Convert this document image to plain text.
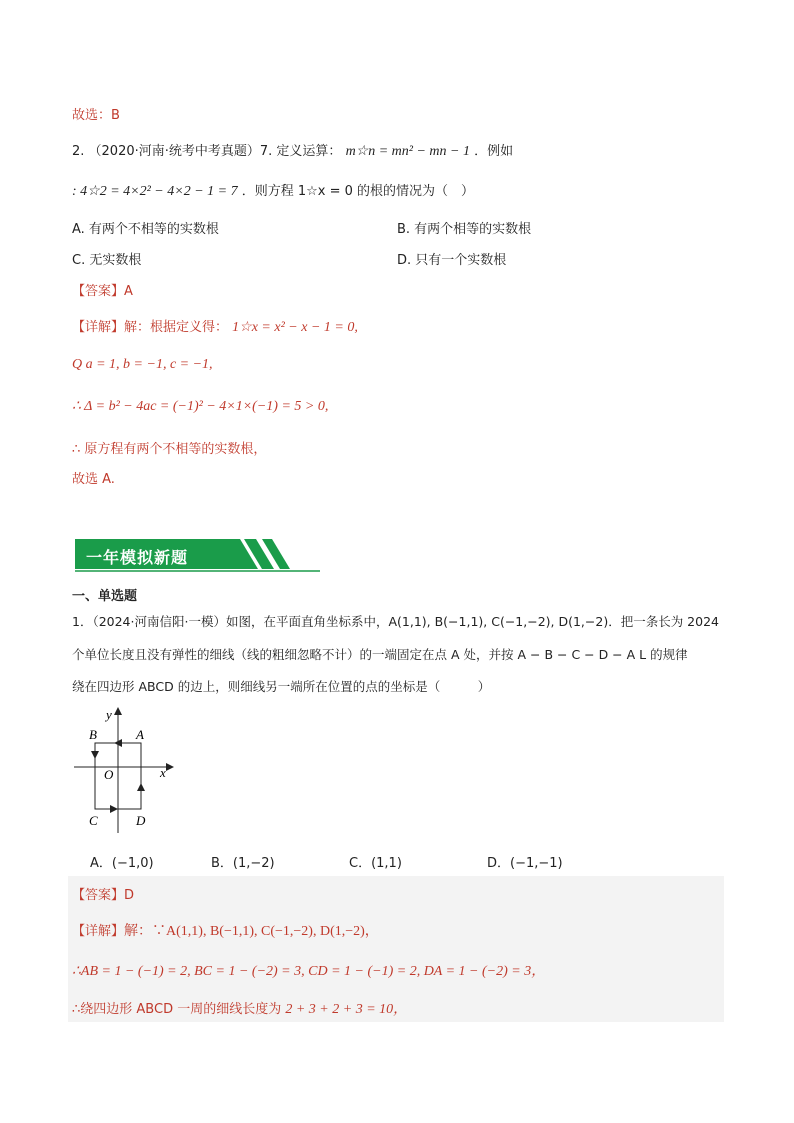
故选：B
2. （2020·河南·统考中考真题）7. 定义运算： m☆n = mn² − mn − 1 ．例如
: 4☆2 = 4×2² − 4×2 − 1 = 7 ．则方程 1☆x = 0 的根的情况为（　）
A. 有两个不相等的实数根	B. 有两个相等的实数根
C. 无实数根	D. 只有一个实数根
【答案】A
【详解】解：根据定义得： 1☆x = x² − x − 1 = 0,
Q a = 1, b = −1, c = −1,
∴ Δ = b² − 4ac = (−1)² − 4×1×(−1) = 5 > 0,
∴ 原方程有两个不相等的实数根，
故选 A.
一年模拟新题
一、单选题
1．（2024·河南信阳·一模）如图，在平面直角坐标系中，A(1,1), B(−1,1), C(−1,−2), D(1,−2)．把一条长为 2024
个单位长度且没有弹性的细线（线的粗细忽略不计）的一端固定在点 A 处，并按 A − B − C − D − A L 的规律
绕在四边形 ABCD 的边上，则细线另一端所在位置的点的坐标是（　　　）
y
x
O
A
B
C	D
A．(−1,0)	B．(1,−2)	C．(1,1)	D．(−1,−1)
【答案】D
【详解】解：∵A(1,1), B(−1,1), C(−1,−2), D(1,−2)，
∴AB = 1 − (−1) = 2, BC = 1 − (−2) = 3, CD = 1 − (−1) = 2, DA = 1 − (−2) = 3，
∴绕四边形 ABCD 一周的细线长度为 2 + 3 + 2 + 3 = 10，
